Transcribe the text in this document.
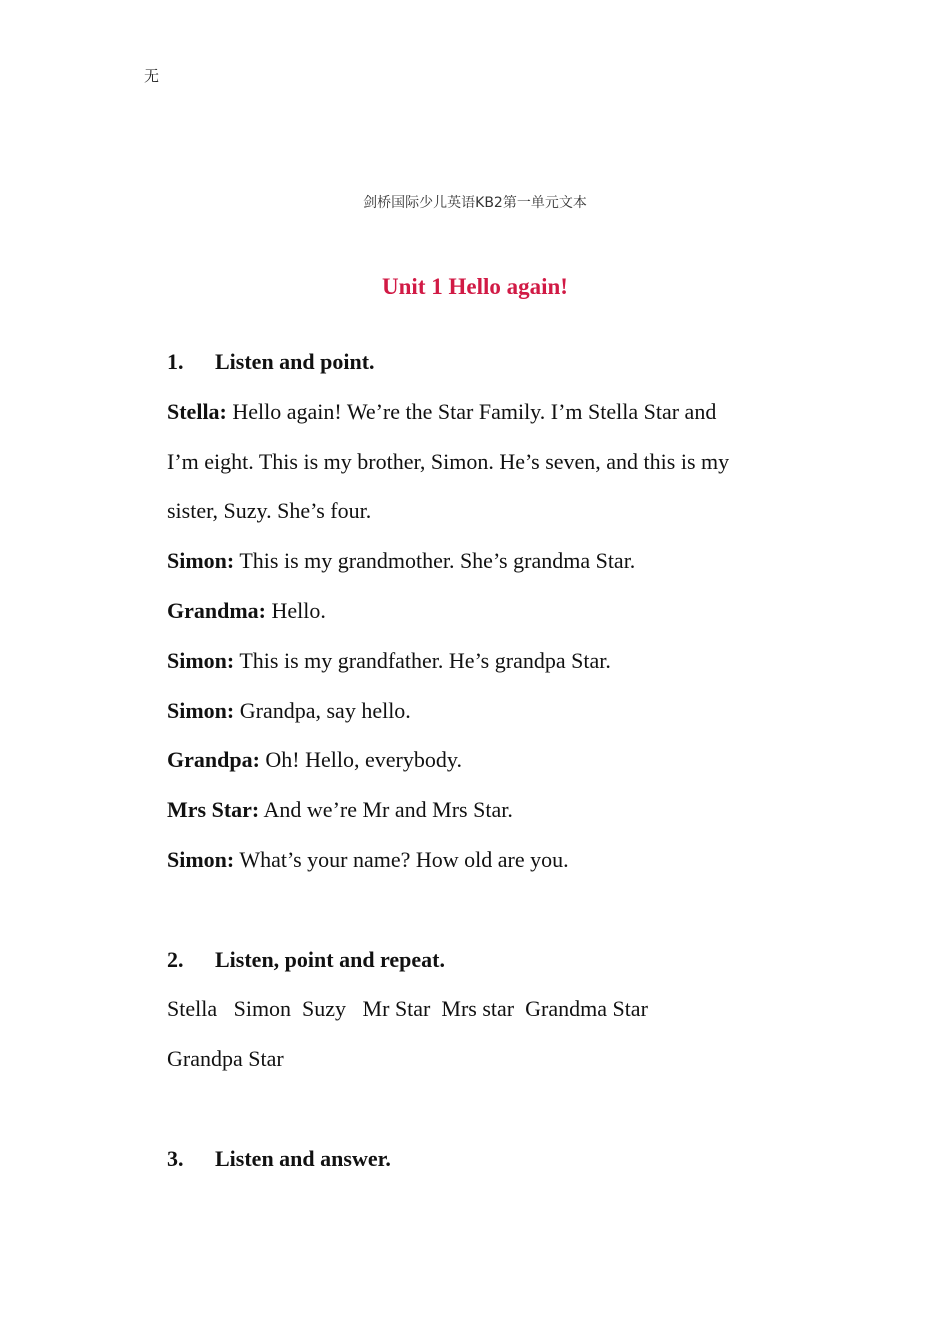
无
剑桥国际少儿英语KB2第一单元文本
Unit 1 Hello again!
1. Listen and point.
Stella: Hello again! We’re the Star Family. I’m Stella Star and
I’m eight. This is my brother, Simon. He’s seven, and this is my
sister, Suzy. She’s four.
Simon: This is my grandmother. She’s grandma Star.
Grandma: Hello.
Simon: This is my grandfather. He’s grandpa Star.
Simon: Grandpa, say hello.
Grandpa: Oh! Hello, everybody.
Mrs Star: And we’re Mr and Mrs Star.
Simon: What’s your name? How old are you.
2. Listen, point and repeat.
Stella   Simon  Suzy   Mr Star  Mrs star  Grandma Star
Grandpa Star
3. Listen and answer.
